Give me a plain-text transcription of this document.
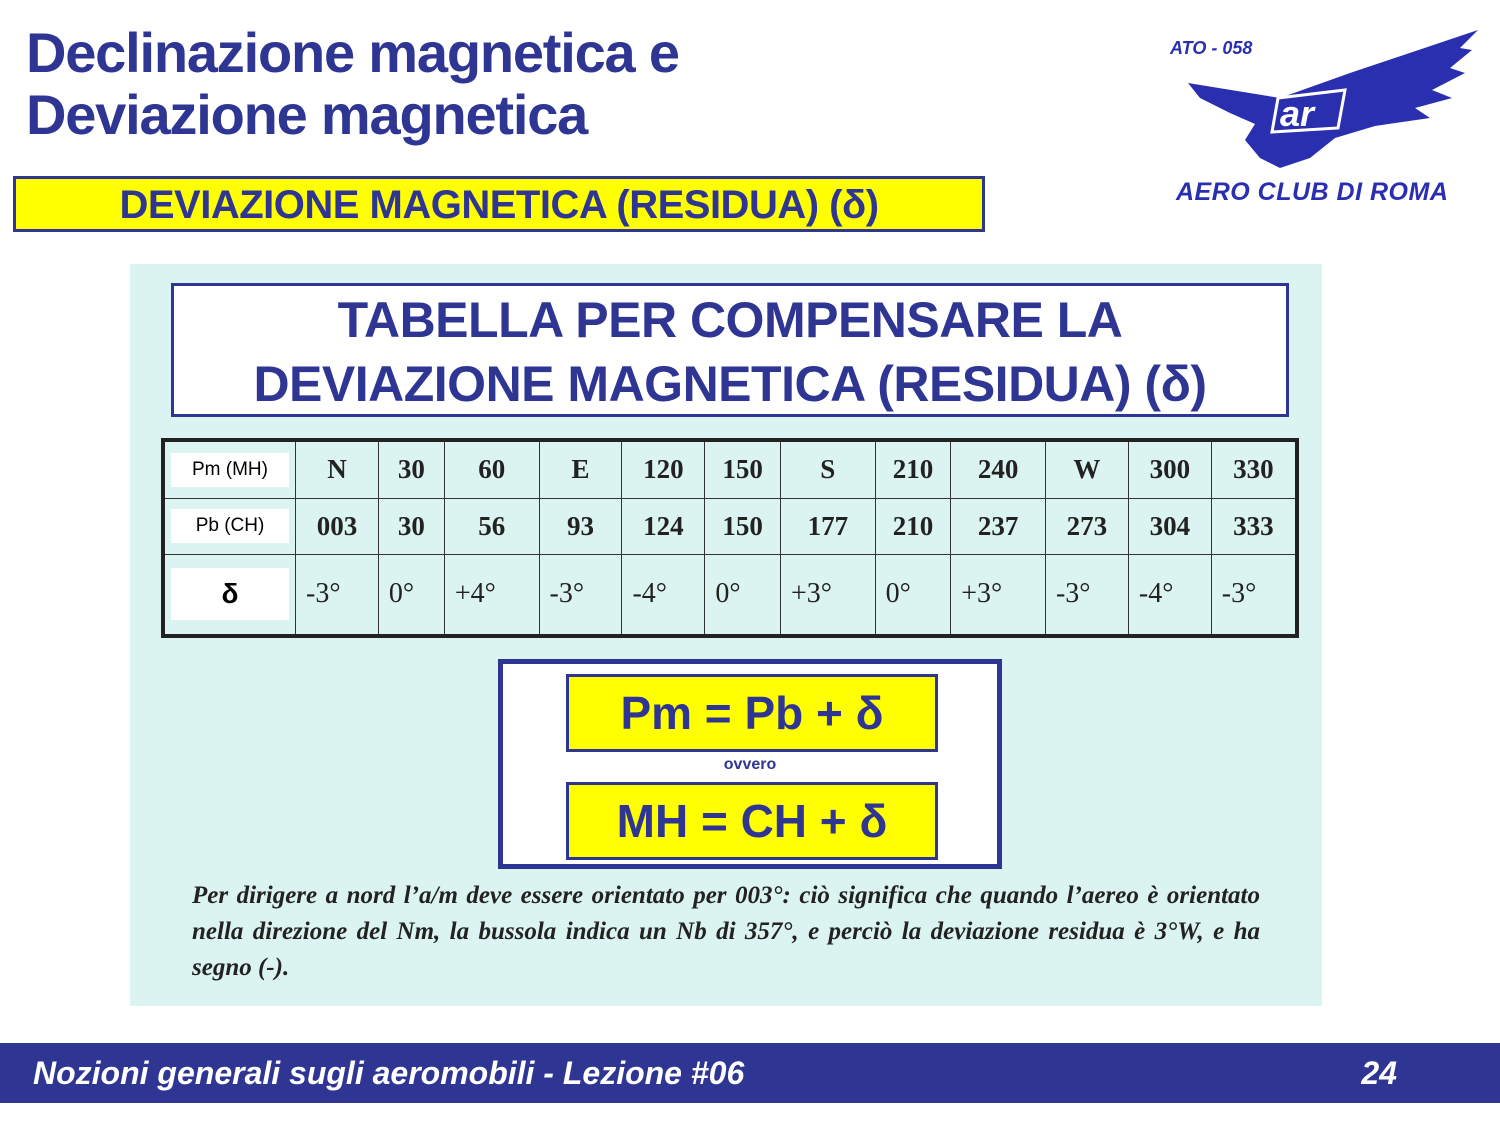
Declinazione magnetica e
Deviazione magnetica
DEVIAZIONE MAGNETICA (RESIDUA) (δ)
ar
ATO - 058
AERO CLUB DI ROMA
TABELLA PER COMPENSARE LA
DEVIAZIONE MAGNETICA (RESIDUA) (δ)
Pm (MH)	N	30	60	E	120	150	S	210	240	W	300	330

Pb (CH)	003	30	56	93	124	150	177	210	237	273	304	333

δ	-3°	0°	+4°	-3°	-4°	0°	+3°	0°	+3°	-3°	-4°	-3°
Pm = Pb + δ
ovvero
MH = CH + δ
Per dirigere a nord l’a/m deve essere orientato per 003°: ciò significa che quando l’aereo è orientato nella direzione del Nm, la bussola indica un Nb di 357°, e perciò la deviazione residua è 3°W, e ha segno (-).
Nozioni generali sugli aeromobili - Lezione #06	24
